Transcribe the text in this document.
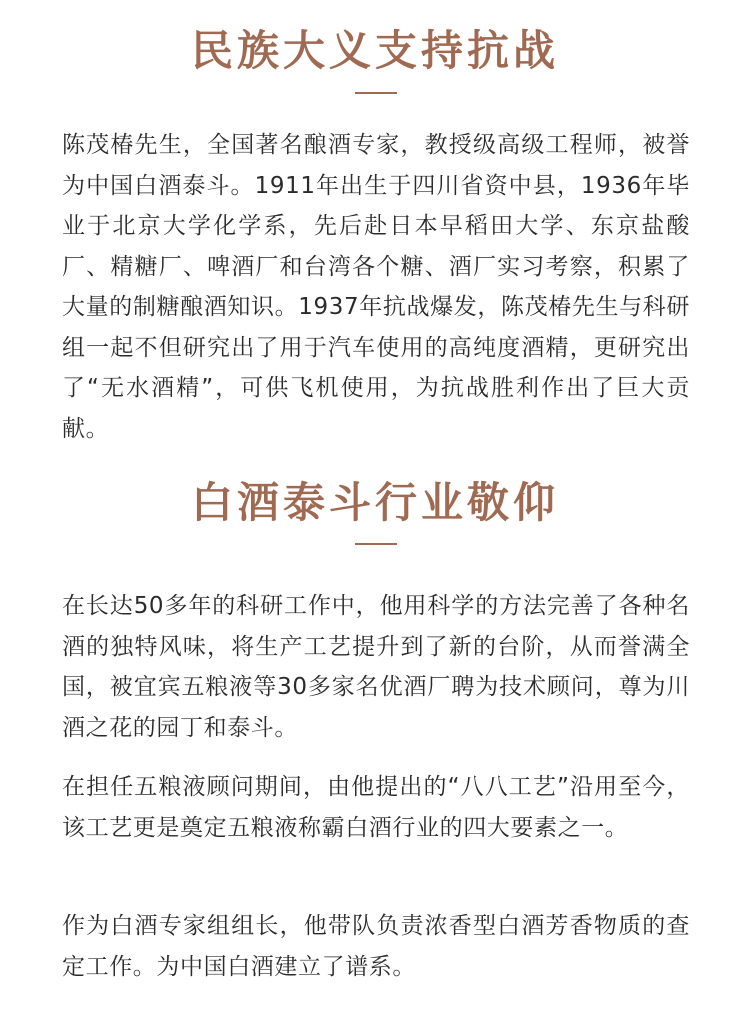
民族大义支持抗战

陈茂椿先生，全国著名酿酒专家，教授级高级工程师，被誉为中国白酒泰斗。1911年出生于四川省资中县，1936年毕业于北京大学化学系，先后赴日本早稻田大学、东京盐酸厂、精糖厂、啤酒厂和台湾各个糖、酒厂实习考察，积累了大量的制糖酿酒知识。1937年抗战爆发，陈茂椿先生与科研组一起不但研究出了用于汽车使用的高纯度酒精，更研究出了“无水酒精”，可供飞机使用，为抗战胜利作出了巨大贡献。

白酒泰斗行业敬仰

在长达50多年的科研工作中，他用科学的方法完善了各种名酒的独特风味，将生产工艺提升到了新的台阶，从而誉满全国，被宜宾五粮液等30多家名优酒厂聘为技术顾问，尊为川酒之花的园丁和泰斗。

在担任五粮液顾问期间，由他提出的“八八工艺”沿用至今，该工艺更是奠定五粮液称霸白酒行业的四大要素之一。

作为白酒专家组组长，他带队负责浓香型白酒芳香物质的查定工作。为中国白酒建立了谱系。
